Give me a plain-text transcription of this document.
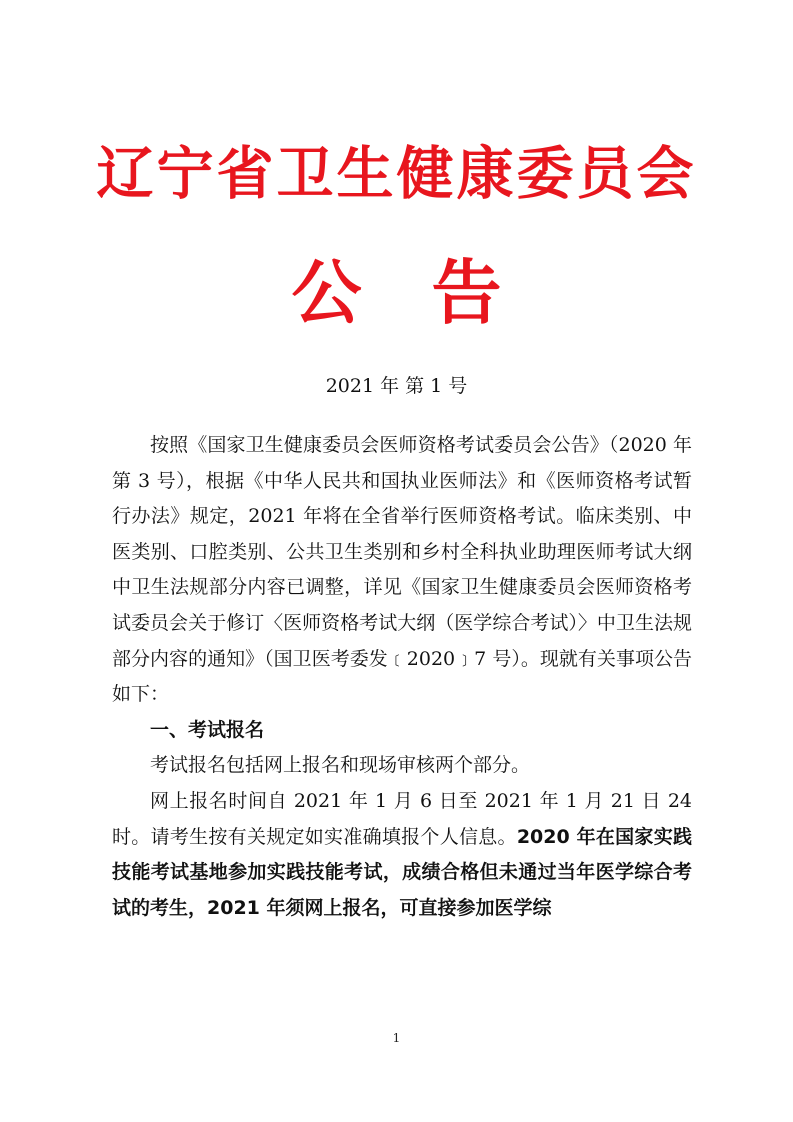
辽宁省卫生健康委员会
公 告
2021 年 第 1 号

按照《国家卫生健康委员会医师资格考试委员会公告》（2020 年第 3 号），根据《中华人民共和国执业医师法》和《医师资格考试暂行办法》规定，2021 年将在全省举行医师资格考试。临床类别、中医类别、口腔类别、公共卫生类别和乡村全科执业助理医师考试大纲中卫生法规部分内容已调整，详见《国家卫生健康委员会医师资格考试委员会关于修订〈医师资格考试大纲（医学综合考试）〉中卫生法规部分内容的通知》（国卫医考委发﹝2020﹞7 号）。现就有关事项公告如下：

一、考试报名

考试报名包括网上报名和现场审核两个部分。

网上报名时间自 2021 年 1 月 6 日至 2021 年 1 月 21 日 24 时。请考生按有关规定如实准确填报个人信息。2020 年在国家实践技能考试基地参加实践技能考试，成绩合格但未通过当年医学综合考试的考生，2021 年须网上报名，可直接参加医学综

1
